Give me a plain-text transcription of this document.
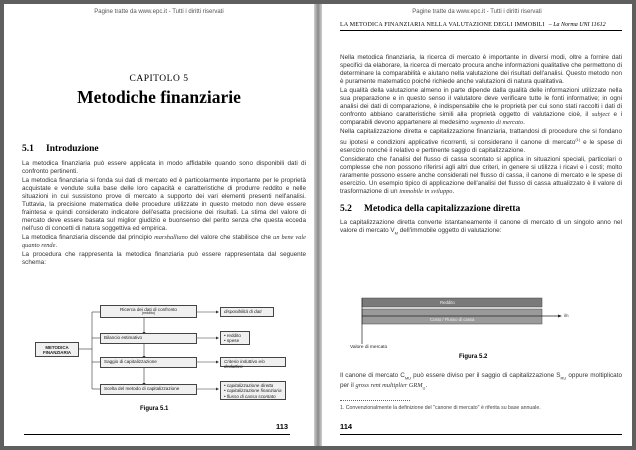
Pagine tratte da www.epc.it - Tutti i diritti riservati
CAPITOLO 5
Metodiche finanziarie
5.1 Introduzione

La metodica finanziaria può essere applicata in modo affidabile quando sono disponibili dati di confronto pertinenti.

La metodica finanziaria si fonda sui dati di mercato ed è particolarmente importante per le proprietà acquistate e vendute sulla base delle loro capacità e caratteristiche di produrre reddito e nelle situazioni in cui sussistono prove di mercato a supporto dei vari elementi presenti nell'analisi. Tuttavia, la precisione matematica delle procedure utilizzate in questo metodo non deve essere fraintesa e quindi considerato indicatore dell'esatta precisione dei risultati. La stima del valore di mercato deve essere basata sul miglior giudizio e buonsenso del perito senza che questa ecceda nell'uso di concetti di natura soggettiva ed empirica.

La metodica finanziaria discende dal principio marshalliano del valore che stabilisce che un bene vale quanto rende.

La procedura che rappresenta la metodica finanziaria può essere rappresentata dal seguente schema:

METODICA FINANZIARIA
Ricerca dei dati di confronto
(reddito)
Bilancio estimativo
Saggio di capitalizzazione
Scelta del metodo di capitalizzazione
disponibilità di dati
• reddito
• spese
Criterio induttivo e/o deduttivo
• capitalizzazione diretta
• capitalizzazione finanziaria
• flusso di cassa scontato
Figura 5.1
113
Pagine tratte da www.epc.it - Tutti i diritti riservati
LA METODICA FINANZIARIA NELLA VALUTAZIONE DEGLI IMMOBILI – La Norma UNI 11612

Nella metodica finanziaria, la ricerca di mercato è importante in diversi modi, oltre a fornire dati specifici da elaborare, la ricerca di mercato procura anche informazioni qualitative che permettono di determinare la comparabilità e aiutano nella valutazione dei risultati dell'analisi. Questo metodo non è puramente matematico poiché richiede anche valutazioni di natura qualitativa.

La qualità della valutazione almeno in parte dipende dalla qualità delle informazioni utilizzate nella sua preparazione e in questo senso il valutatore deve verificare tutte le fonti informative; in ogni analisi dei dati di comparazione, è indispensabile che le proprietà per cui sono stati raccolti i dati di confronto abbiano caratteristiche simili alla proprietà oggetto di valutazione cioè, il subject e i comparabili devono appartenere al medesimo segmento di mercato.

Nella capitalizzazione diretta e capitalizzazione finanziaria, trattandosi di procedure che si fondano su ipotesi e condizioni applicative ricorrenti, si considerano il canone di mercato$^{(1)}$ e le spese di esercizio nonché il relativo e pertinente saggio di capitalizzazione.

Considerato che l'analisi del flusso di cassa scontato si applica in situazioni speciali, particolari o complesse che non possono riferirsi agli altri due criteri, in genere si utilizza i ricavi e i costi; molto raramente possono essere anche considerati nel flusso di cassa, il canone di mercato e le spese di esercizio. Un esempio tipico di applicazione dell'analisi del flusso di cassa attualizzato è il valore di trasformazione di un immobile in sviluppo.

5.2 Metodica della capitalizzazione diretta

La capitalizzazione diretta converte istantaneamente il canone di mercato di un singolo anno nel valore di mercato $V_M$ dell'immobile oggetto di valutazione:

Reddito
Costo / Flusso di cassa
i/n
Valore di mercato
Figura 5.2

Il canone di mercato $C_{MU}$ può essere diviso per il saggio di capitalizzazione $S_{RU}$ oppure moltiplicato per il gross rent multiplier $GRM_U$.

1. Convenzionalmente la definizione del "canone di mercato" è riferita su base annuale.
114
